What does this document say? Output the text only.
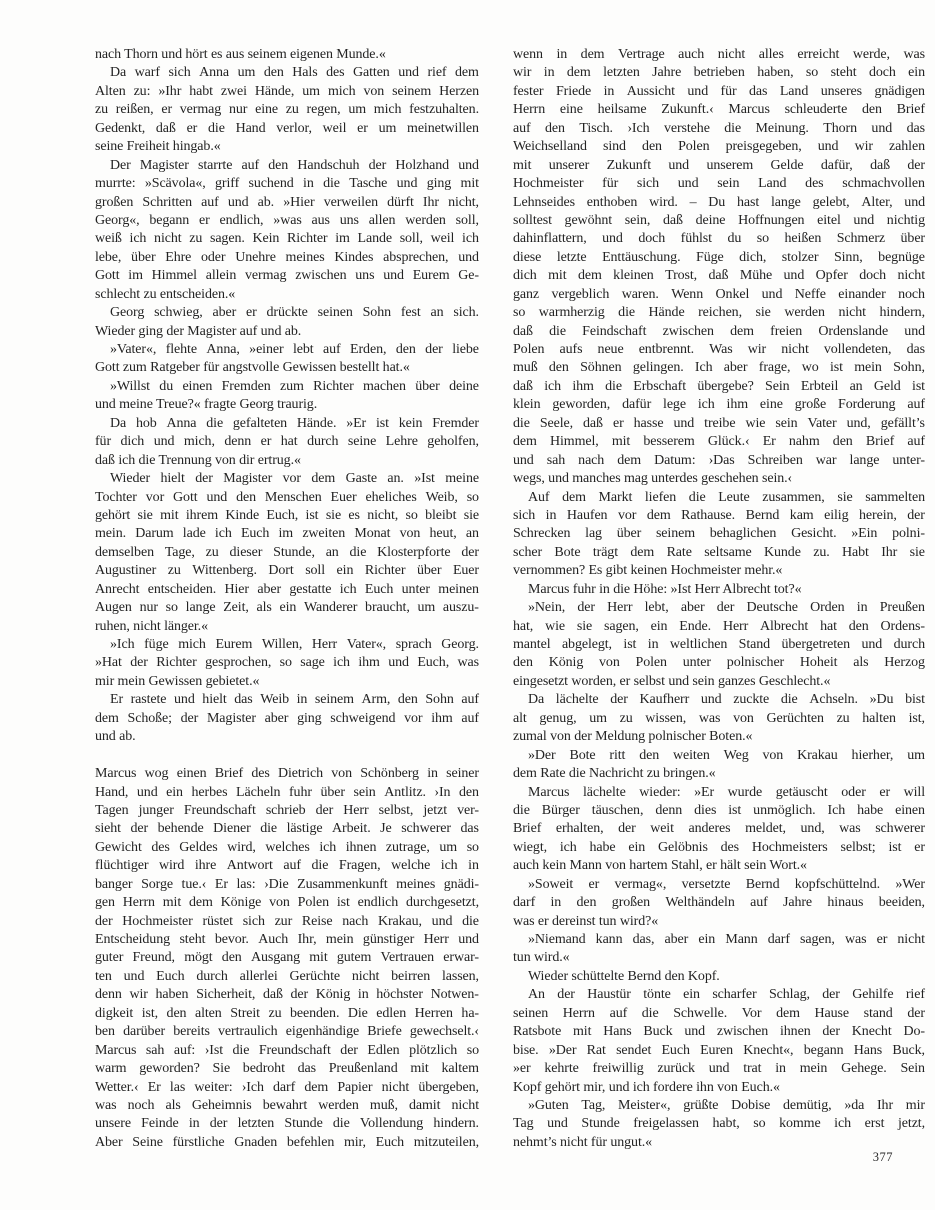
nach Thorn und hört es aus seinem eigenen Munde.«
Da warf sich Anna um den Hals des Gatten und rief dem
Alten zu: »Ihr habt zwei Hände, um mich von seinem Herzen
zu reißen, er vermag nur eine zu regen, um mich festzuhalten.
Gedenkt, daß er die Hand verlor, weil er um meinetwillen
seine Freiheit hingab.«
Der Magister starrte auf den Handschuh der Holzhand und
murrte: »Scävola«, griff suchend in die Tasche und ging mit
großen Schritten auf und ab. »Hier verweilen dürft Ihr nicht,
Georg«, begann er endlich, »was aus uns allen werden soll,
weiß ich nicht zu sagen. Kein Richter im Lande soll, weil ich
lebe, über Ehre oder Unehre meines Kindes absprechen, und
Gott im Himmel allein vermag zwischen uns und Eurem Ge-
schlecht zu entscheiden.«
Georg schwieg, aber er drückte seinen Sohn fest an sich.
Wieder ging der Magister auf und ab.
»Vater«, flehte Anna, »einer lebt auf Erden, den der liebe
Gott zum Ratgeber für angstvolle Gewissen bestellt hat.«
»Willst du einen Fremden zum Richter machen über deine
und meine Treue?« fragte Georg traurig.
Da hob Anna die gefalteten Hände. »Er ist kein Fremder
für dich und mich, denn er hat durch seine Lehre geholfen,
daß ich die Trennung von dir ertrug.«
Wieder hielt der Magister vor dem Gaste an. »Ist meine
Tochter vor Gott und den Menschen Euer eheliches Weib, so
gehört sie mit ihrem Kinde Euch, ist sie es nicht, so bleibt sie
mein. Darum lade ich Euch im zweiten Monat von heut, an
demselben Tage, zu dieser Stunde, an die Klosterpforte der
Augustiner zu Wittenberg. Dort soll ein Richter über Euer
Anrecht entscheiden. Hier aber gestatte ich Euch unter meinen
Augen nur so lange Zeit, als ein Wanderer braucht, um auszu-
ruhen, nicht länger.«
»Ich füge mich Eurem Willen, Herr Vater«, sprach Georg.
»Hat der Richter gesprochen, so sage ich ihm und Euch, was
mir mein Gewissen gebietet.«
Er rastete und hielt das Weib in seinem Arm, den Sohn auf
dem Schoße; der Magister aber ging schweigend vor ihm auf
und ab.
Marcus wog einen Brief des Dietrich von Schönberg in seiner
Hand, und ein herbes Lächeln fuhr über sein Antlitz. ›In den
Tagen junger Freundschaft schrieb der Herr selbst, jetzt ver-
sieht der behende Diener die lästige Arbeit. Je schwerer das
Gewicht des Geldes wird, welches ich ihnen zutrage, um so
flüchtiger wird ihre Antwort auf die Fragen, welche ich in
banger Sorge tue.‹ Er las: ›Die Zusammenkunft meines gnädi-
gen Herrn mit dem Könige von Polen ist endlich durchgesetzt,
der Hochmeister rüstet sich zur Reise nach Krakau, und die
Entscheidung steht bevor. Auch Ihr, mein günstiger Herr und
guter Freund, mögt den Ausgang mit gutem Vertrauen erwar-
ten und Euch durch allerlei Gerüchte nicht beirren lassen,
denn wir haben Sicherheit, daß der König in höchster Notwen-
digkeit ist, den alten Streit zu beenden. Die edlen Herren ha-
ben darüber bereits vertraulich eigenhändige Briefe gewechselt.‹
Marcus sah auf: ›Ist die Freundschaft der Edlen plötzlich so
warm geworden? Sie bedroht das Preußenland mit kaltem
Wetter.‹ Er las weiter: ›Ich darf dem Papier nicht übergeben,
was noch als Geheimnis bewahrt werden muß, damit nicht
unsere Feinde in der letzten Stunde die Vollendung hindern.
Aber Seine fürstliche Gnaden befehlen mir, Euch mitzuteilen,
wenn in dem Vertrage auch nicht alles erreicht werde, was
wir in dem letzten Jahre betrieben haben, so steht doch ein
fester Friede in Aussicht und für das Land unseres gnädigen
Herrn eine heilsame Zukunft.‹ Marcus schleuderte den Brief
auf den Tisch. ›Ich verstehe die Meinung. Thorn und das
Weichselland sind den Polen preisgegeben, und wir zahlen
mit unserer Zukunft und unserem Gelde dafür, daß der
Hochmeister für sich und sein Land des schmachvollen
Lehnseides enthoben wird. – Du hast lange gelebt, Alter, und
solltest gewöhnt sein, daß deine Hoffnungen eitel und nichtig
dahinflattern, und doch fühlst du so heißen Schmerz über
diese letzte Enttäuschung. Füge dich, stolzer Sinn, begnüge
dich mit dem kleinen Trost, daß Mühe und Opfer doch nicht
ganz vergeblich waren. Wenn Onkel und Neffe einander noch
so warmherzig die Hände reichen, sie werden nicht hindern,
daß die Feindschaft zwischen dem freien Ordenslande und
Polen aufs neue entbrennt. Was wir nicht vollendeten, das
muß den Söhnen gelingen. Ich aber frage, wo ist mein Sohn,
daß ich ihm die Erbschaft übergebe? Sein Erbteil an Geld ist
klein geworden, dafür lege ich ihm eine große Forderung auf
die Seele, daß er hasse und treibe wie sein Vater und, gefällt’s
dem Himmel, mit besserem Glück.‹ Er nahm den Brief auf
und sah nach dem Datum: ›Das Schreiben war lange unter-
wegs, und manches mag unterdes geschehen sein.‹
Auf dem Markt liefen die Leute zusammen, sie sammelten
sich in Haufen vor dem Rathause. Bernd kam eilig herein, der
Schrecken lag über seinem behaglichen Gesicht. »Ein polni-
scher Bote trägt dem Rate seltsame Kunde zu. Habt Ihr sie
vernommen? Es gibt keinen Hochmeister mehr.«
Marcus fuhr in die Höhe: »Ist Herr Albrecht tot?«
»Nein, der Herr lebt, aber der Deutsche Orden in Preußen
hat, wie sie sagen, ein Ende. Herr Albrecht hat den Ordens-
mantel abgelegt, ist in weltlichen Stand übergetreten und durch
den König von Polen unter polnischer Hoheit als Herzog
eingesetzt worden, er selbst und sein ganzes Geschlecht.«
Da lächelte der Kaufherr und zuckte die Achseln. »Du bist
alt genug, um zu wissen, was von Gerüchten zu halten ist,
zumal von der Meldung polnischer Boten.«
»Der Bote ritt den weiten Weg von Krakau hierher, um
dem Rate die Nachricht zu bringen.«
Marcus lächelte wieder: »Er wurde getäuscht oder er will
die Bürger täuschen, denn dies ist unmöglich. Ich habe einen
Brief erhalten, der weit anderes meldet, und, was schwerer
wiegt, ich habe ein Gelöbnis des Hochmeisters selbst; ist er
auch kein Mann von hartem Stahl, er hält sein Wort.«
»Soweit er vermag«, versetzte Bernd kopfschüttelnd. »Wer
darf in den großen Welthändeln auf Jahre hinaus beeiden,
was er dereinst tun wird?«
»Niemand kann das, aber ein Mann darf sagen, was er nicht
tun wird.«
Wieder schüttelte Bernd den Kopf.
An der Haustür tönte ein scharfer Schlag, der Gehilfe rief
seinen Herrn auf die Schwelle. Vor dem Hause stand der
Ratsbote mit Hans Buck und zwischen ihnen der Knecht Do-
bise. »Der Rat sendet Euch Euren Knecht«, begann Hans Buck,
»er kehrte freiwillig zurück und trat in mein Gehege. Sein
Kopf gehört mir, und ich fordere ihn von Euch.«
»Guten Tag, Meister«, grüßte Dobise demütig, »da Ihr mir
Tag und Stunde freigelassen habt, so komme ich erst jetzt,
nehmt’s nicht für ungut.«
377
